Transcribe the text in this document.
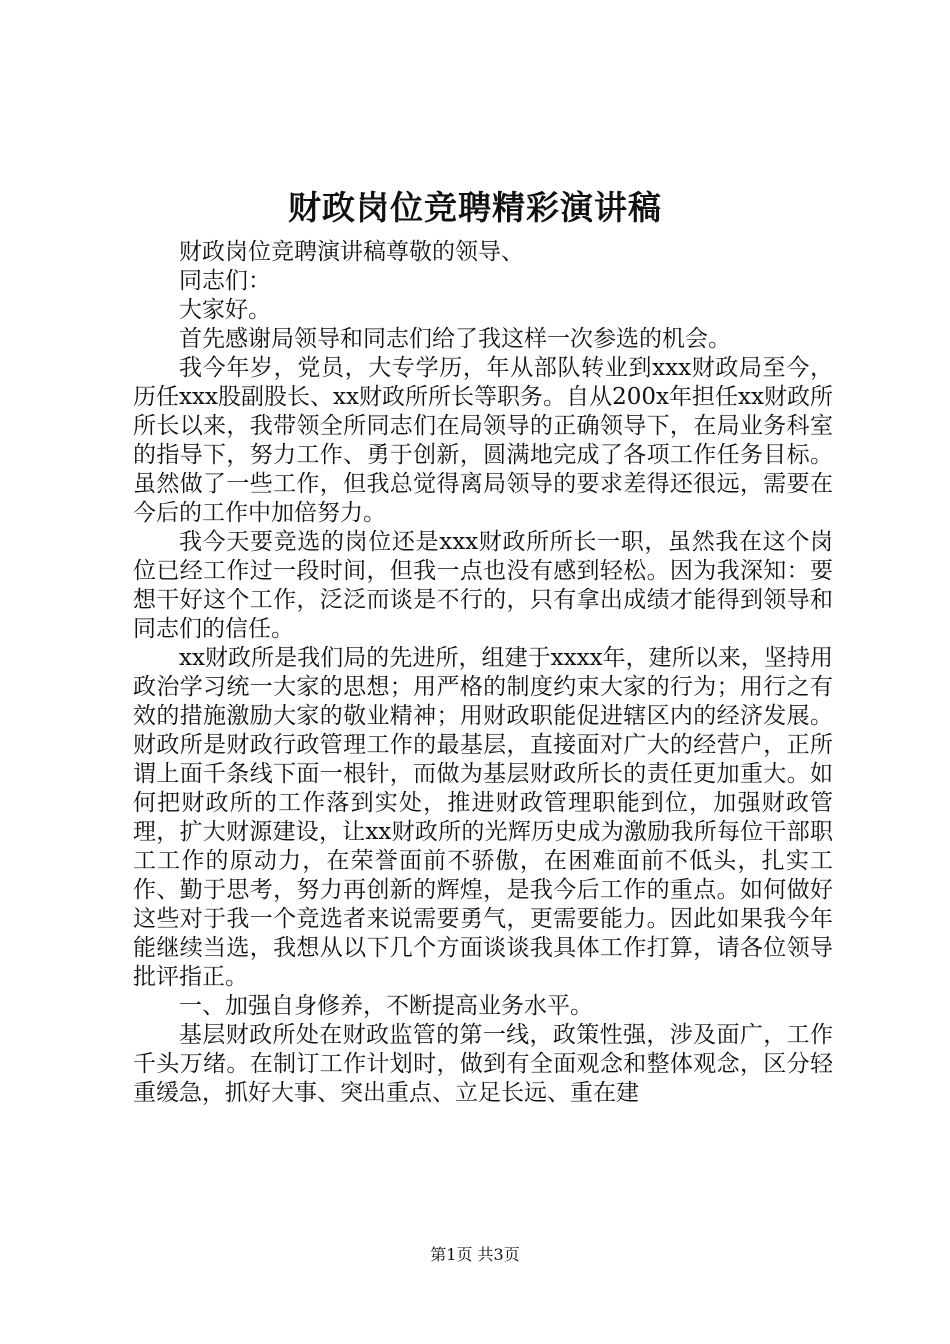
财政岗位竞聘精彩演讲稿

财政岗位竞聘演讲稿尊敬的领导、

同志们：

大家好。

首先感谢局领导和同志们给了我这样一次参选的机会。

我今年岁，党员，大专学历，年从部队转业到xxx财政局至今，历任xxx股副股长、xx财政所所长等职务。自从200x年担任xx财政所所长以来，我带领全所同志们在局领导的正确领导下，在局业务科室的指导下，努力工作、勇于创新，圆满地完成了各项工作任务目标。虽然做了一些工作，但我总觉得离局领导的要求差得还很远，需要在今后的工作中加倍努力。

我今天要竞选的岗位还是xxx财政所所长一职，虽然我在这个岗位已经工作过一段时间，但我一点也没有感到轻松。因为我深知：要想干好这个工作，泛泛而谈是不行的，只有拿出成绩才能得到领导和同志们的信任。

xx财政所是我们局的先进所，组建于xxxx年，建所以来，坚持用政治学习统一大家的思想；用严格的制度约束大家的行为；用行之有效的措施激励大家的敬业精神；用财政职能促进辖区内的经济发展。财政所是财政行政管理工作的最基层，直接面对广大的经营户，正所谓上面千条线下面一根针，而做为基层财政所长的责任更加重大。如何把财政所的工作落到实处，推进财政管理职能到位，加强财政管理，扩大财源建设，让xx财政所的光辉历史成为激励我所每位干部职工工作的原动力，在荣誉面前不骄傲，在困难面前不低头，扎实工作、勤于思考，努力再创新的辉煌，是我今后工作的重点。如何做好这些对于我一个竞选者来说需要勇气，更需要能力。因此如果我今年能继续当选，我想从以下几个方面谈谈我具体工作打算，请各位领导批评指正。

一、加强自身修养，不断提高业务水平。

基层财政所处在财政监管的第一线，政策性强，涉及面广，工作千头万绪。在制订工作计划时，做到有全面观念和整体观念，区分轻重缓急，抓好大事、突出重点、立足长远、重在建

第1页 共3页
